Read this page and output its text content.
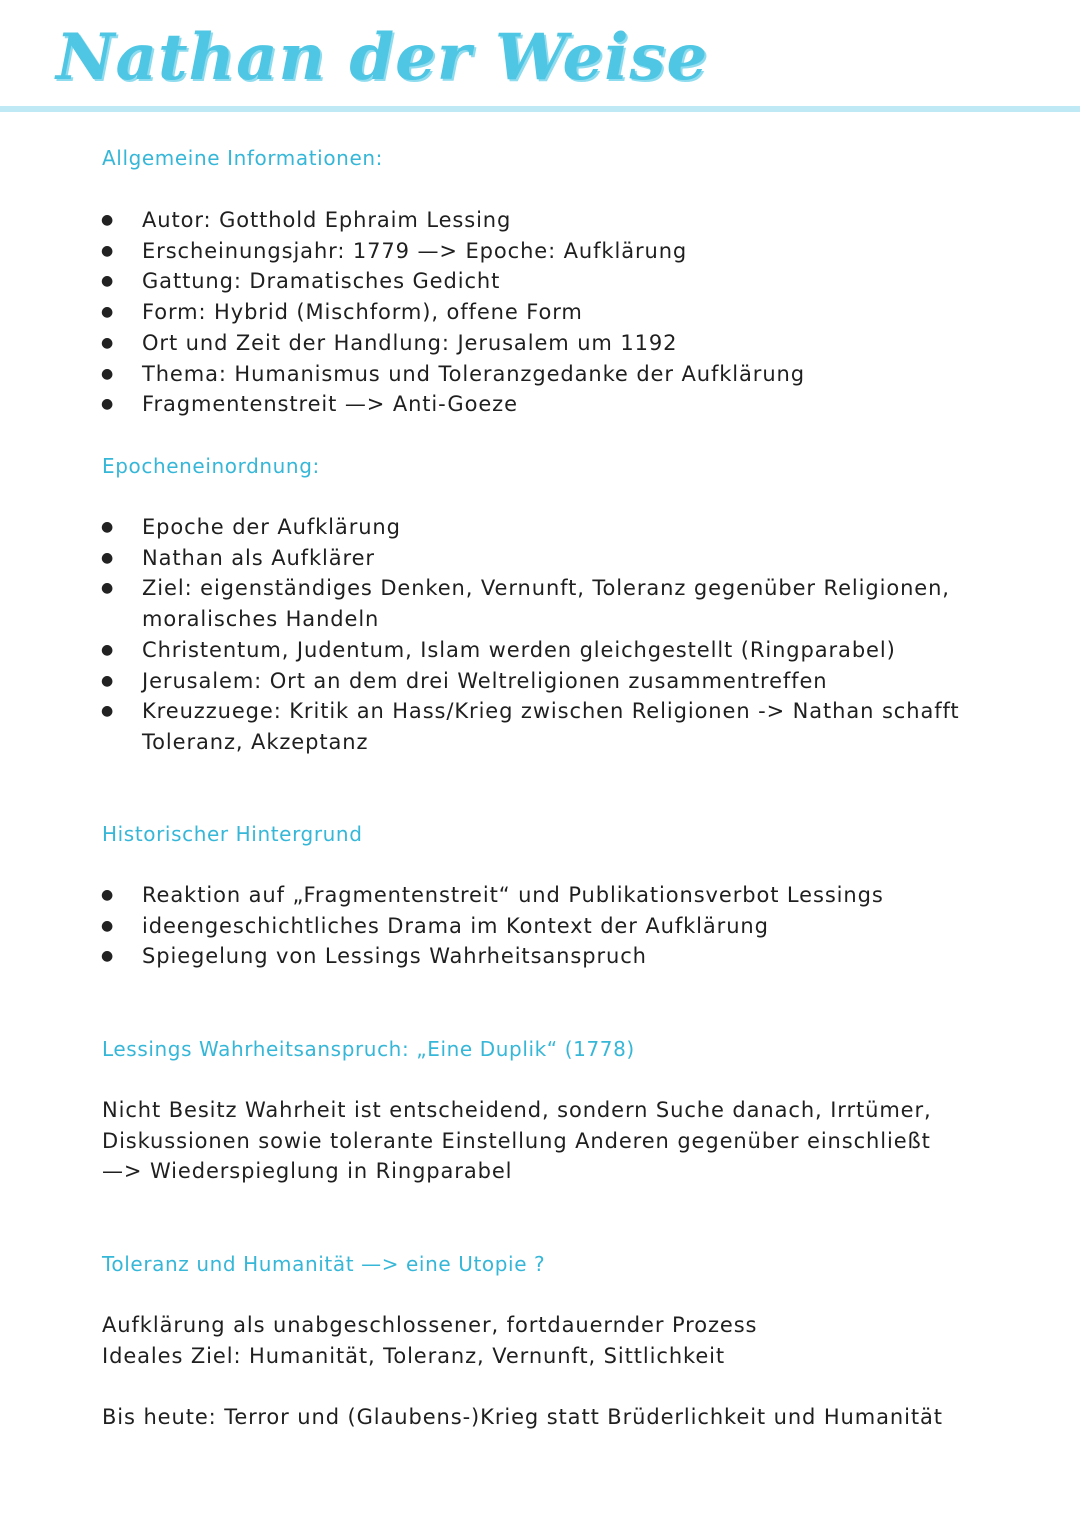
Nathan der Weise
Allgemeine Informationen:
● Autor: Gotthold Ephraim Lessing
● Erscheinungsjahr: 1779 —> Epoche: Aufklärung
● Gattung: Dramatisches Gedicht
● Form: Hybrid (Mischform), offene Form
● Ort und Zeit der Handlung: Jerusalem um 1192
● Thema: Humanismus und Toleranzgedanke der Aufklärung
● Fragmentenstreit —> Anti-Goeze
Epocheneinordnung:
● Epoche der Aufklärung
● Nathan als Aufklärer
● Ziel: eigenständiges Denken, Vernunft, Toleranz gegenüber Religionen, moralisches Handeln
● Christentum, Judentum, Islam werden gleichgestellt (Ringparabel)
● Jerusalem: Ort an dem drei Weltreligionen zusammentreffen
● Kreuzzuege: Kritik an Hass/Krieg zwischen Religionen -> Nathan schafft Toleranz, Akzeptanz
Historischer Hintergrund
● Reaktion auf „Fragmentenstreit“ und Publikationsverbot Lessings
● ideengeschichtliches Drama im Kontext der Aufklärung
● Spiegelung von Lessings Wahrheitsanspruch
Lessings Wahrheitsanspruch: „Eine Duplik“ (1778)

Nicht Besitz Wahrheit ist entscheidend, sondern Suche danach, Irrtümer,
Diskussionen sowie tolerante Einstellung Anderen gegenüber einschließt
—> Wiederspieglung in Ringparabel

Toleranz und Humanität —> eine Utopie ?

Aufklärung als unabgeschlossener, fortdauernder Prozess
Ideales Ziel: Humanität, Toleranz, Vernunft, Sittlichkeit

Bis heute: Terror und (Glaubens-)Krieg statt Brüderlichkeit und Humanität
